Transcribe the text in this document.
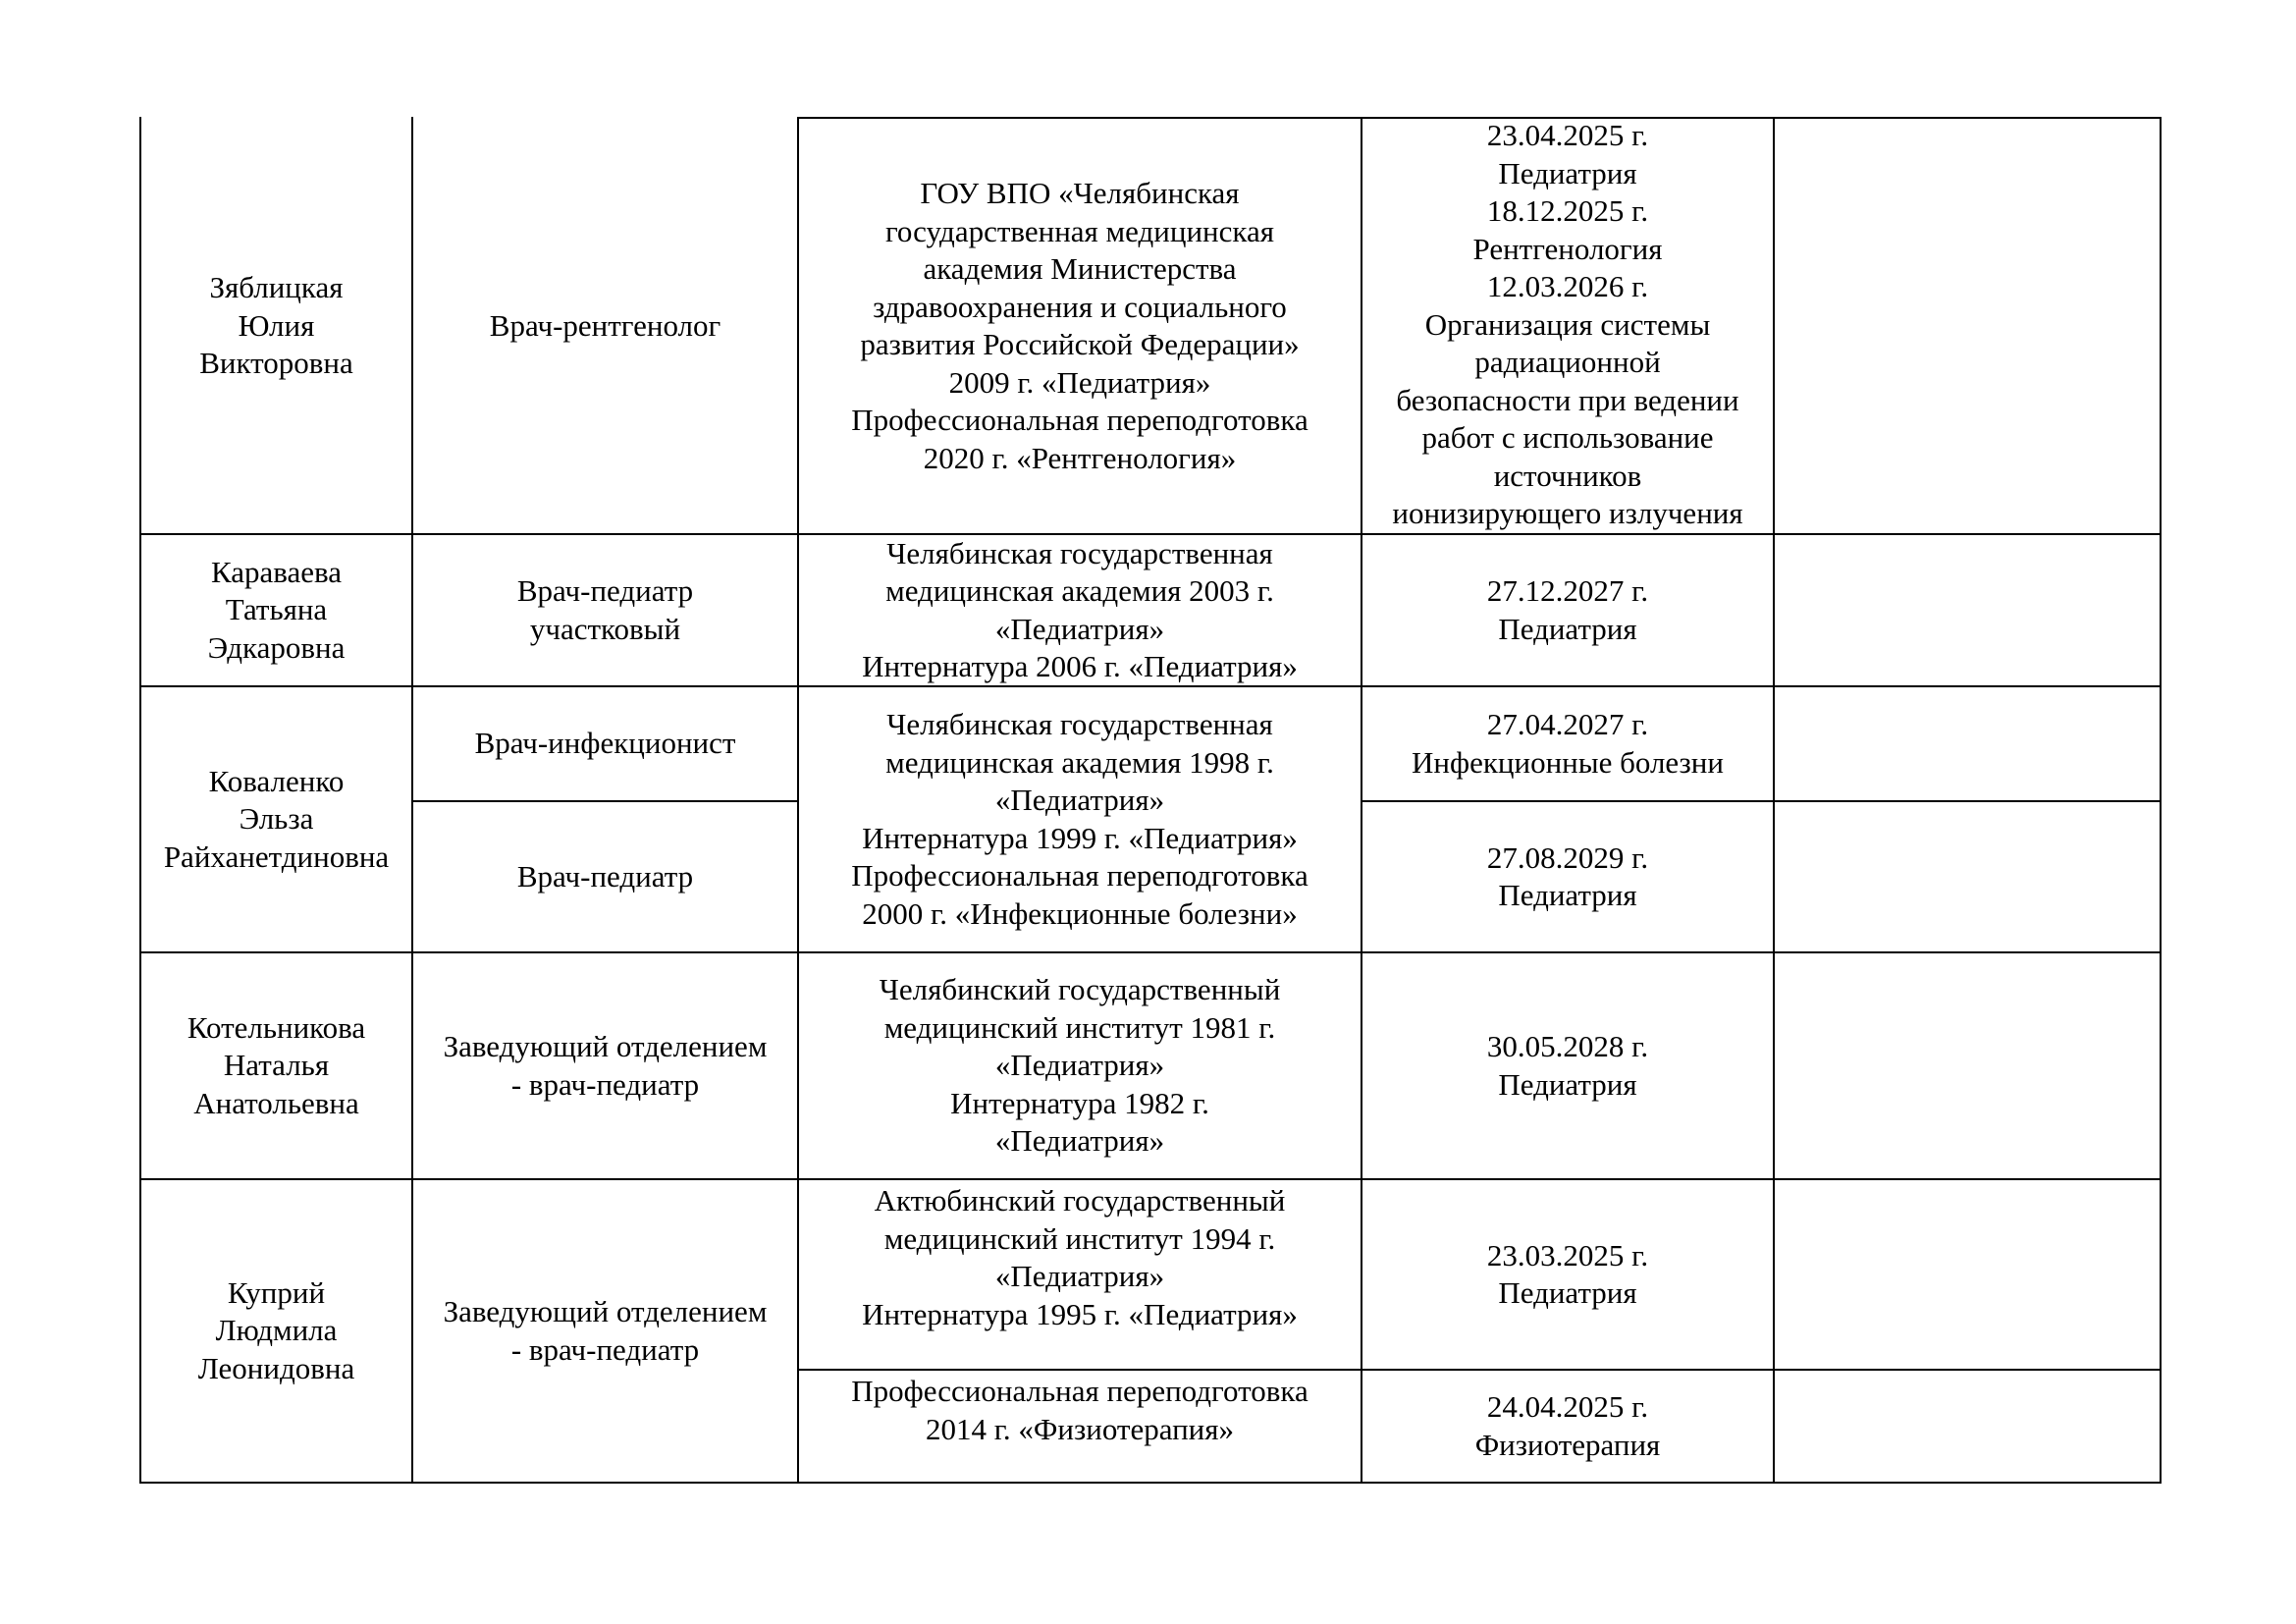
Зяблицкая
Юлия
Викторовна
Врач-рентгенолог
ГОУ ВПО «Челябинская
государственная медицинская
академия Министерства
здравоохранения и социального
развития Российской Федерации»
2009 г. «Педиатрия»
Профессиональная переподготовка
2020 г. «Рентгенология»
23.04.2025 г.
Педиатрия
18.12.2025 г.
Рентгенология
12.03.2026 г.
Организация системы
радиационной
безопасности при ведении
работ с использование
источников
ионизирующего излучения
Караваева
Татьяна
Эдкаровна
Врач-педиатр
участковый
Челябинская государственная
медицинская академия 2003 г.
«Педиатрия»
Интернатура 2006 г. «Педиатрия»
27.12.2027 г.
Педиатрия
Коваленко
Эльза
Райханетдиновна
Врач-инфекционист
Врач-педиатр
Челябинская государственная
медицинская академия 1998 г.
«Педиатрия»
Интернатура 1999 г. «Педиатрия»
Профессиональная переподготовка
2000 г. «Инфекционные болезни»
27.04.2027 г.
Инфекционные болезни
27.08.2029 г.
Педиатрия
Котельникова
Наталья
Анатольевна
Заведующий отделением
- врач-педиатр
Челябинский государственный
медицинский институт 1981 г.
«Педиатрия»
Интернатура 1982 г.
«Педиатрия»
30.05.2028 г.
Педиатрия
Куприй
Людмила
Леонидовна
Заведующий отделением
- врач-педиатр
Актюбинский государственный
медицинский институт 1994 г.
«Педиатрия»
Интернатура 1995 г. «Педиатрия»
Профессиональная переподготовка
2014 г. «Физиотерапия»
23.03.2025 г.
Педиатрия
24.04.2025 г.
Физиотерапия
